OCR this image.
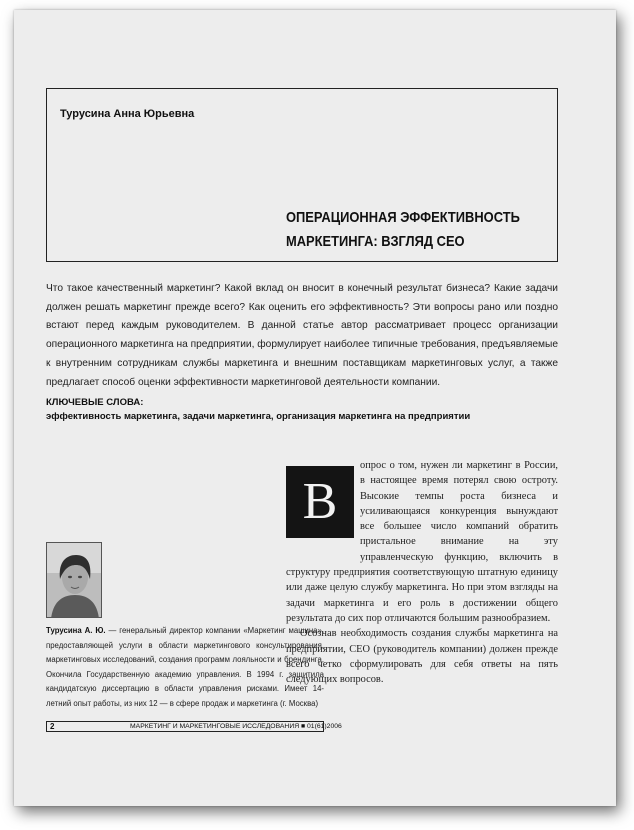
Турусина Анна Юрьевна
ОПЕРАЦИОННАЯ ЭФФЕКТИВНОСТЬ
МАРКЕТИНГА: ВЗГЛЯД CEO

Что такое качественный маркетинг? Какой вклад он вносит в конечный результат бизнеса? Какие задачи должен решать маркетинг прежде всего? Как оценить его эффективность? Эти вопросы рано или поздно встают перед каждым руководителем. В данной статье автор рассматривает процесс организации операционного маркетинга на предприятии, формулирует наиболее типичные требования, предъявляемые к внутренним сотрудникам службы маркетинга и внешним поставщикам маркетинговых услуг, а также предлагает способ оценки эффективности маркетинговой деятельности компании.

КЛЮЧЕВЫЕ СЛОВА:
эффективность маркетинга, задачи маркетинга, организация маркетинга на предприятии

Турусина А. Ю. — генеральный директор компании «Маркетинг машина», предоставляющей услуги в области маркетингового консультирования, маркетинговых исследований, создания программ лояльности и брендинга. Окончила Государственную академию управления. В 1994 г. защитила кандидатскую диссертацию в области управления рисками. Имеет 14-летний опыт работы, из них 12 — в сфере продаж и маркетинга (г. Москва)

В

опрос о том, нужен ли маркетинг в России, в настоящее время потерял свою остроту. Высокие темпы роста бизнеса и усиливающаяся конкуренция вынуждают все большее число компаний обратить пристальное внимание на эту управленческую функцию, включить в структуру предприятия соответствующую штатную единицу или даже целую службу маркетинга. Но при этом взгляды на задачи маркетинга и его роль в достижении общего результата до сих пор отличаются большим разнообразием.

Осознав необходимость создания службы маркетинга на предприятии, CEO (руководитель компании) должен прежде всего четко сформулировать для себя ответы на пять следующих вопросов.

2	МАРКЕТИНГ И МАРКЕТИНГОВЫЕ ИССЛЕДОВАНИЯ ■ 01(61)2006
